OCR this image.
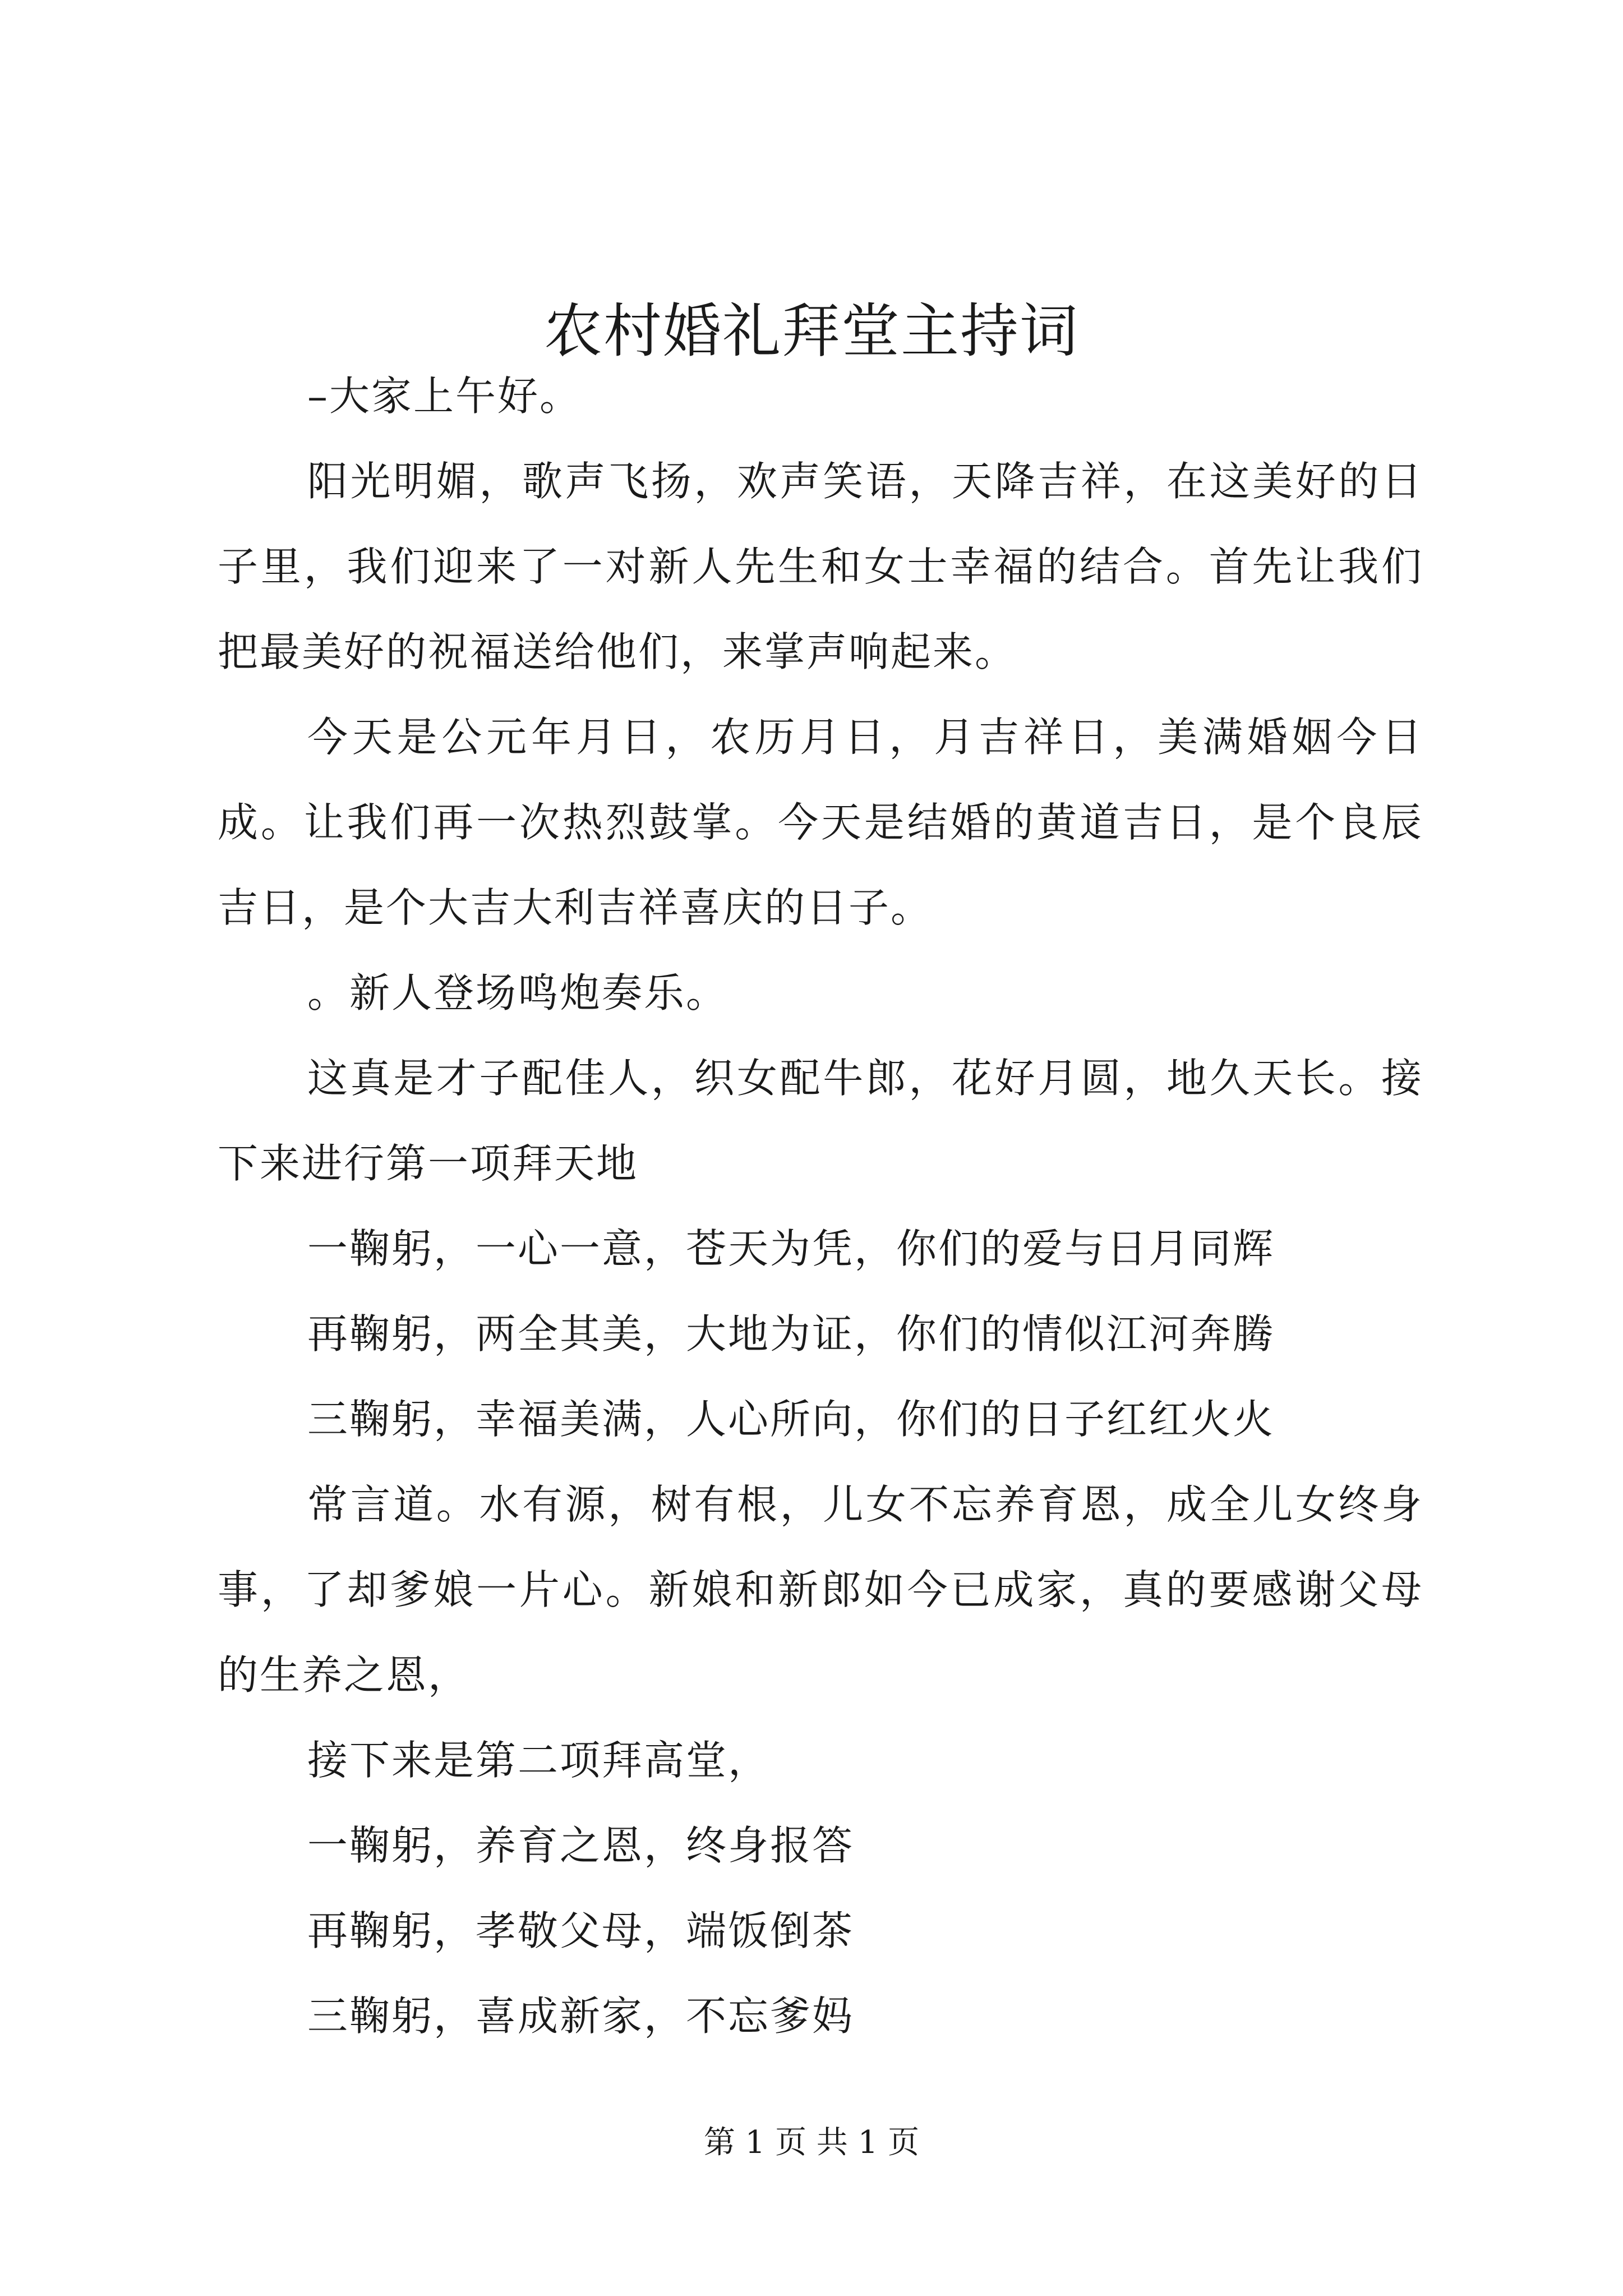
农村婚礼拜堂主持词

–大家上午好。

阳光明媚，歌声飞扬，欢声笑语，天降吉祥，在这美好的日子里，我们迎来了一对新人先生和女士幸福的结合。首先让我们把最美好的祝福送给他们，来掌声响起来。

今天是公元年月日，农历月日，月吉祥日，美满婚姻今日成。让我们再一次热烈鼓掌。今天是结婚的黄道吉日，是个良辰吉日，是个大吉大利吉祥喜庆的日子。

。新人登场鸣炮奏乐。

这真是才子配佳人，织女配牛郎，花好月圆，地久天长。接下来进行第一项拜天地

一鞠躬，一心一意，苍天为凭，你们的爱与日月同辉

再鞠躬，两全其美，大地为证，你们的情似江河奔腾

三鞠躬，幸福美满，人心所向，你们的日子红红火火

常言道。水有源，树有根，儿女不忘养育恩，成全儿女终身事，了却爹娘一片心。新娘和新郎如今已成家，真的要感谢父母的生养之恩，

接下来是第二项拜高堂，

一鞠躬，养育之恩，终身报答

再鞠躬，孝敬父母，端饭倒茶

三鞠躬，喜成新家，不忘爹妈

第 1 页 共 1 页
